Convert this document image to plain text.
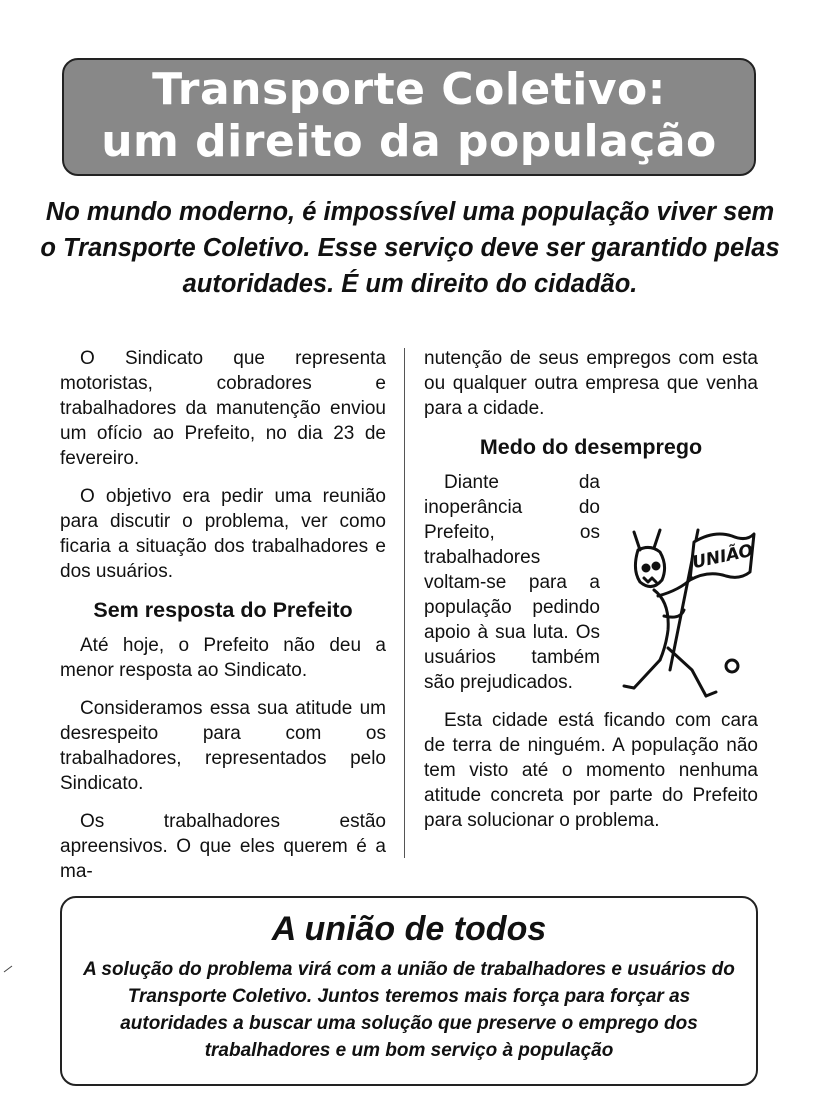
Transporte Coletivo:
um direito da população
No mundo moderno, é impossível uma população viver sem o Transporte Coletivo. Esse serviço deve ser garantido pelas autoridades. É um direito do cidadão.

O Sindicato que representa motoristas, cobradores e trabalhadores da manutenção enviou um ofício ao Prefeito, no dia 23 de fevereiro.

O objetivo era pedir uma reunião para discutir o problema, ver como ficaria a situação dos trabalhadores e dos usuários.

Sem resposta do Prefeito

Até hoje, o Prefeito não deu a menor resposta ao Sindicato.

Consideramos essa sua atitude um desrespeito para com os trabalhadores, representados pelo Sindicato.

Os trabalhadores estão apreensivos. O que eles querem é a ma-

nutenção de seus empregos com esta ou qualquer outra empresa que venha para a cidade.

Medo do desemprego

UNIÃO
Diante da inoperância do Prefeito, os trabalhadores voltam-se para a população pedindo apoio à sua luta. Os usuários também são prejudicados.

Esta cidade está ficando com cara de terra de ninguém. A população não tem visto até o momento nenhuma atitude concreta por parte do Prefeito para solucionar o problema.

A união de todos
A solução do problema virá com a união de trabalhadores e usuários do Transporte Coletivo. Juntos teremos mais força para forçar as autoridades a buscar uma solução que preserve o emprego dos trabalhadores e um bom serviço à população
